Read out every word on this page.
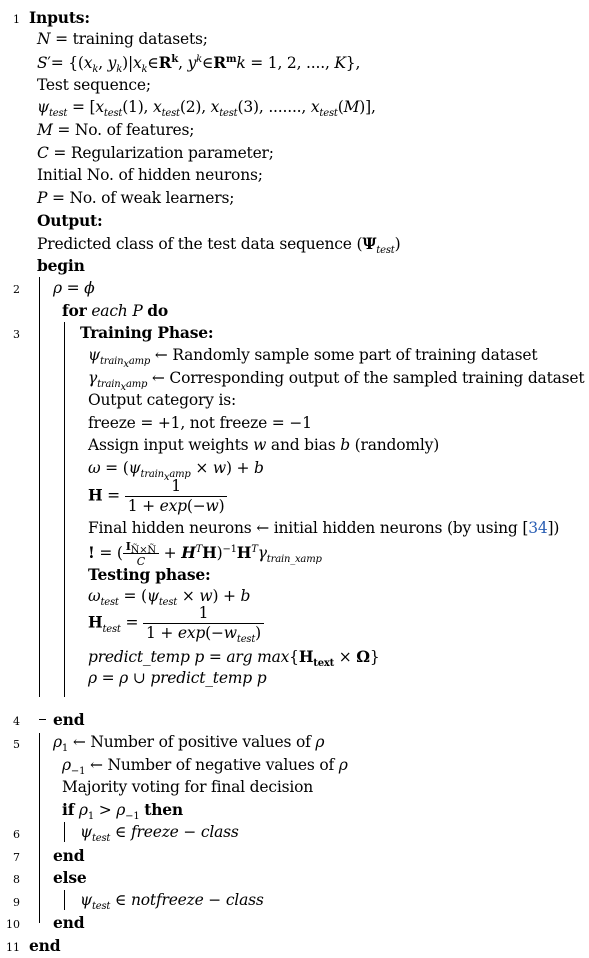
1
2
3
4
5
6
7
8
9
10
11
Inputs:
N = training datasets;
$S'= \{(x_k$, $y_k)|x_k\in R^k$, $y^k\in R^mk = 1$, 2, ...., K},
Test sequence;
$\psi_{test} = [x_{test}(1)$, $x_{test}(2)$, $x_{test}(3)$, ......., $x_{test}(M)$],
M = No. of features;
C = Regularization parameter;
Initial No. of hidden neurons;
P = No. of weak learners;
Output:
Predicted class of the test data sequence $(\Psi_{test})$
begin
ρ = ϕ
for each P do
Training Phase:
$\psi_{train_xamp}$ ← Randomly sample some part of training dataset
$\gamma_{train_xamp}$ ← Corresponding output of the sampled training dataset
Output category is:
freeze = +1, not freeze = −1
Assign input weights w and bias b (randomly)
$\omega = (\psi_{train_xamp} \times w) + b$
$H = \frac{1}{1 + \exp(-w)}$
Final hidden neurons ← initial hidden neurons (by using [34])
! = ( $\frac{I_{Ñ\times Ñ}}{C} + H^TH)^{-1}H^T\gamma_{train\_xamp}$
Testing phase:
$\omega_{test} = (\psi_{test} \times w) + b$
$H_{test} = \frac{1}{1 + \exp(-w_{test})}$
predict_temp p = arg $\max\{H_{text} \times \Omega\}$
ρ = ρ ∪ predict_temp p
end
$\rho_1$ ← Number of positive values of ρ
$\rho_{-1}$ ← Number of negative values of ρ
Majority voting for final decision
if $\rho_1 > \rho_{-1}$ then
$\psi_{test}$ ∈ freeze − class
end
else
$\psi_{test}$ ∈ notfreeze − class
end
end
